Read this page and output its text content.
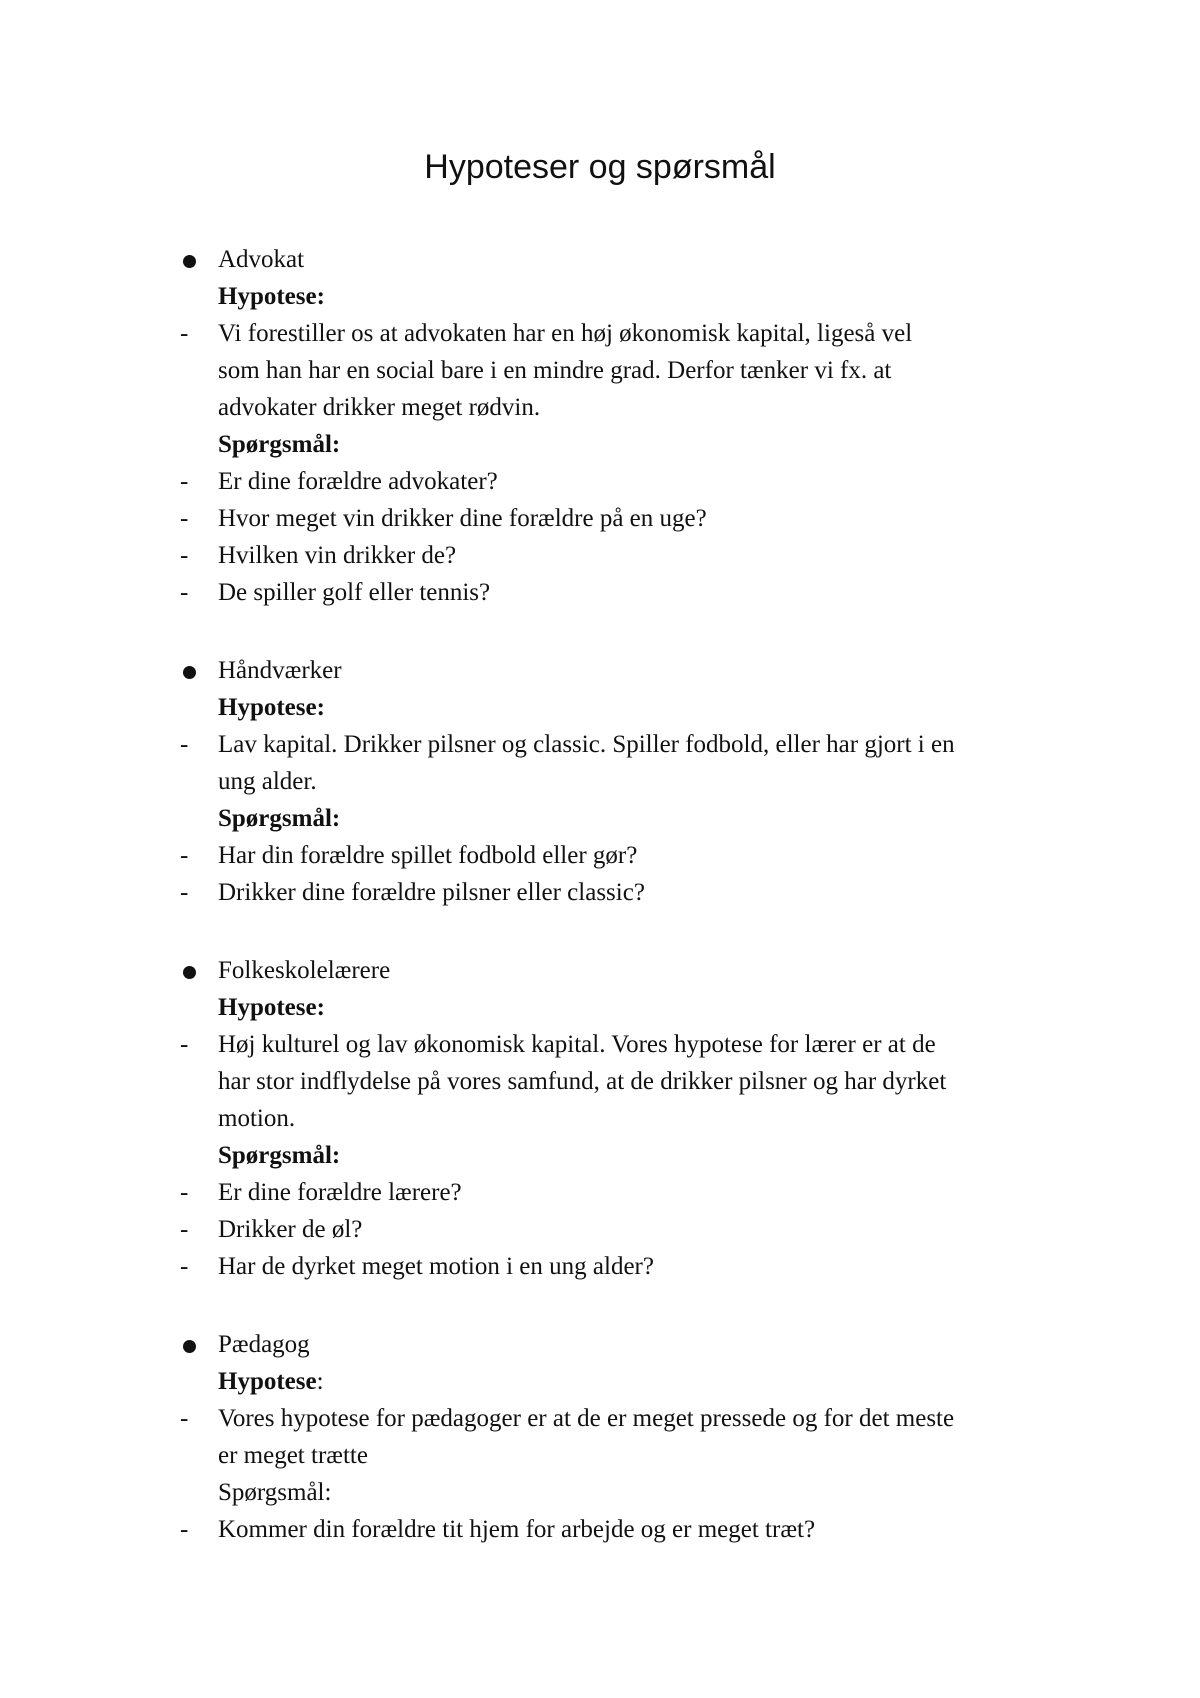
Hypoteser og spørsmål
Advokat
Hypotese:
-	Vi forestiller os at advokaten har en høj økonomisk kapital, ligeså vel
som han har en social bare i en mindre grad. Derfor tænker vi fx. at
advokater drikker meget rødvin.
Spørgsmål:
-	Er dine forældre advokater?
-	Hvor meget vin drikker dine forældre på en uge?
-	Hvilken vin drikker de?
-	De spiller golf eller tennis?
Håndværker
Hypotese:
-	Lav kapital. Drikker pilsner og classic. Spiller fodbold, eller har gjort i en
ung alder.
Spørgsmål:
-	Har din forældre spillet fodbold eller gør?
-	Drikker dine forældre pilsner eller classic?
Folkeskolelærere
Hypotese:
-	Høj kulturel og lav økonomisk kapital. Vores hypotese for lærer er at de
har stor indflydelse på vores samfund, at de drikker pilsner og har dyrket
motion.
Spørgsmål:
-	Er dine forældre lærere?
-	Drikker de øl?
-	Har de dyrket meget motion i en ung alder?
Pædagog
Hypotese:
-	Vores hypotese for pædagoger er at de er meget pressede og for det meste
er meget trætte
Spørgsmål:
-	Kommer din forældre tit hjem for arbejde og er meget træt?
